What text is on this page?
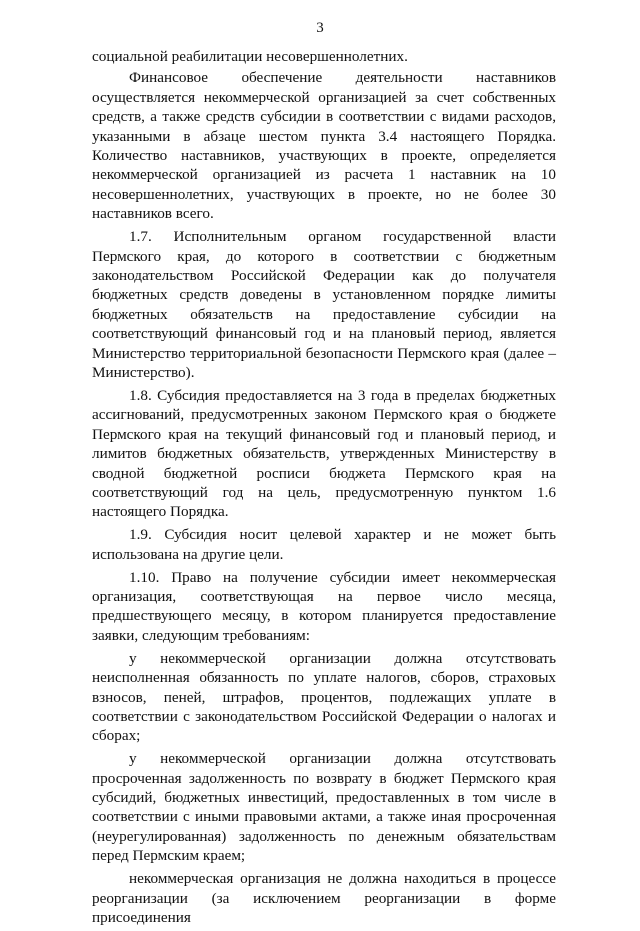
3

социальной реабилитации несовершеннолетних.

Финансовое обеспечение деятельности наставников осуществляется некоммерческой организацией за счет собственных средств, а также средств субсидии в соответствии с видами расходов, указанными в абзаце шестом пункта 3.4 настоящего Порядка. Количество наставников, участвующих в проекте, определяется некоммерческой организацией из расчета 1 наставник на 10 несовершеннолетних, участвующих в проекте, но не более 30 наставников всего.

1.7. Исполнительным органом государственной власти Пермского края, до которого в соответствии с бюджетным законодательством Российской Федерации как до получателя бюджетных средств доведены в установленном порядке лимиты бюджетных обязательств на предоставление субсидии на соответствующий финансовый год и на плановый период, является Министерство территориальной безопасности Пермского края (далее – Министерство).

1.8. Субсидия предоставляется на 3 года в пределах бюджетных ассигнований, предусмотренных законом Пермского края о бюджете Пермского края на текущий финансовый год и плановый период, и лимитов бюджетных обязательств, утвержденных Министерству в сводной бюджетной росписи бюджета Пермского края на соответствующий год на цель, предусмотренную пунктом 1.6 настоящего Порядка.

1.9. Субсидия носит целевой характер и не может быть использована на другие цели.

1.10. Право на получение субсидии имеет некоммерческая организация, соответствующая на первое число месяца, предшествующего месяцу, в котором планируется предоставление заявки, следующим требованиям:

у некоммерческой организации должна отсутствовать неисполненная обязанность по уплате налогов, сборов, страховых взносов, пеней, штрафов, процентов, подлежащих уплате в соответствии с законодательством Российской Федерации о налогах и сборах;

у некоммерческой организации должна отсутствовать просроченная задолженность по возврату в бюджет Пермского края субсидий, бюджетных инвестиций, предоставленных в том числе в соответствии с иными правовыми актами, а также иная просроченная (неурегулированная) задолженность по денежным обязательствам перед Пермским краем;

некоммерческая организация не должна находиться в процессе реорганизации (за исключением реорганизации в форме присоединения
